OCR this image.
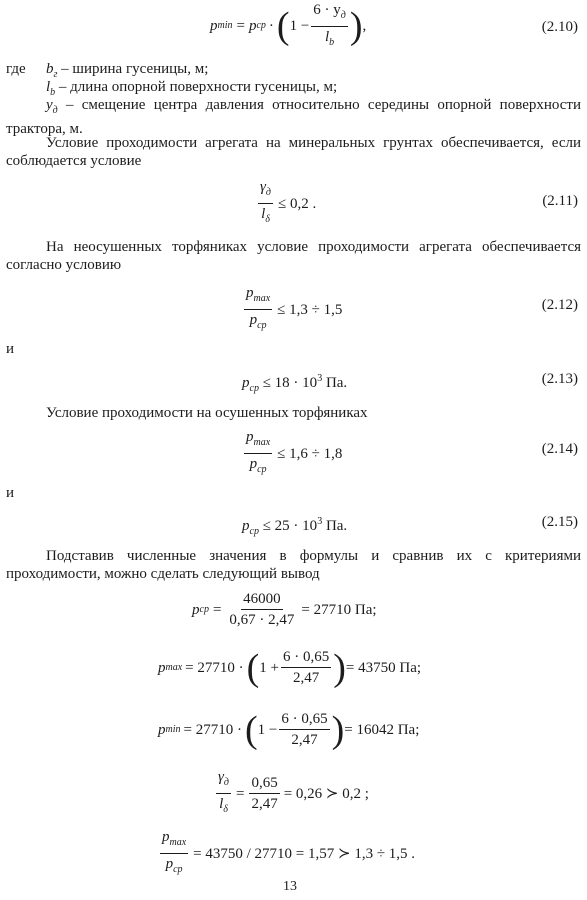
p min = p ср · ( $1 - \frac{6 \cdot y_д}{l_b}$ ) ,	(2.10)
где $b_г$ – ширина гусеницы, м;
$l_b$ – длина опорной поверхности гусеницы, м;
$y_д$ – смещение центра давления относительно середины опорной поверхности трактора, м.
Условие проходимости агрегата на минеральных грунтах обеспечивается, если соблюдается условие
$\frac{\gamma_д}{l_\delta} \le 0,2$ .	(2.11)
На неосушенных торфяниках условие проходимости агрегата обеспечивается согласно условию
$\frac{p_{max}}{p_{ср}} \le 1,3 \div 1,5$	(2.12)
и
$p_{ср} \le 18 \cdot 10^3$ Па.	(2.13)
Условие проходимости на осушенных торфяниках
$\frac{p_{max}}{p_{ср}} \le 1,6 \div 1,8$	(2.14)
и
$p_{ср} \le 25 \cdot 10^3$ Па.	(2.15)
Подставив численные значения в формулы и сравнив их с критериями проходимости, можно сделать следующий вывод
p ср = $\frac{46000}{0,67 \cdot 2,47} = 27710$ Па;
p max = 27710 · ( $1 + \frac{6 \cdot 0,65}{2,47}$ ) = 43750 Па;
p min = 27710 · ( $1 - \frac{6 \cdot 0,65}{2,47}$ ) = 16042 Па;
$\frac{\gamma_д}{l_\delta} = \frac{0,65}{2,47} = 0,26$ ≻ 0,2 ;
$\frac{p_{max}}{p_{ср}} = 43750 / 27710 = 1,57$ ≻ 1,3 ÷ 1,5 .
13
